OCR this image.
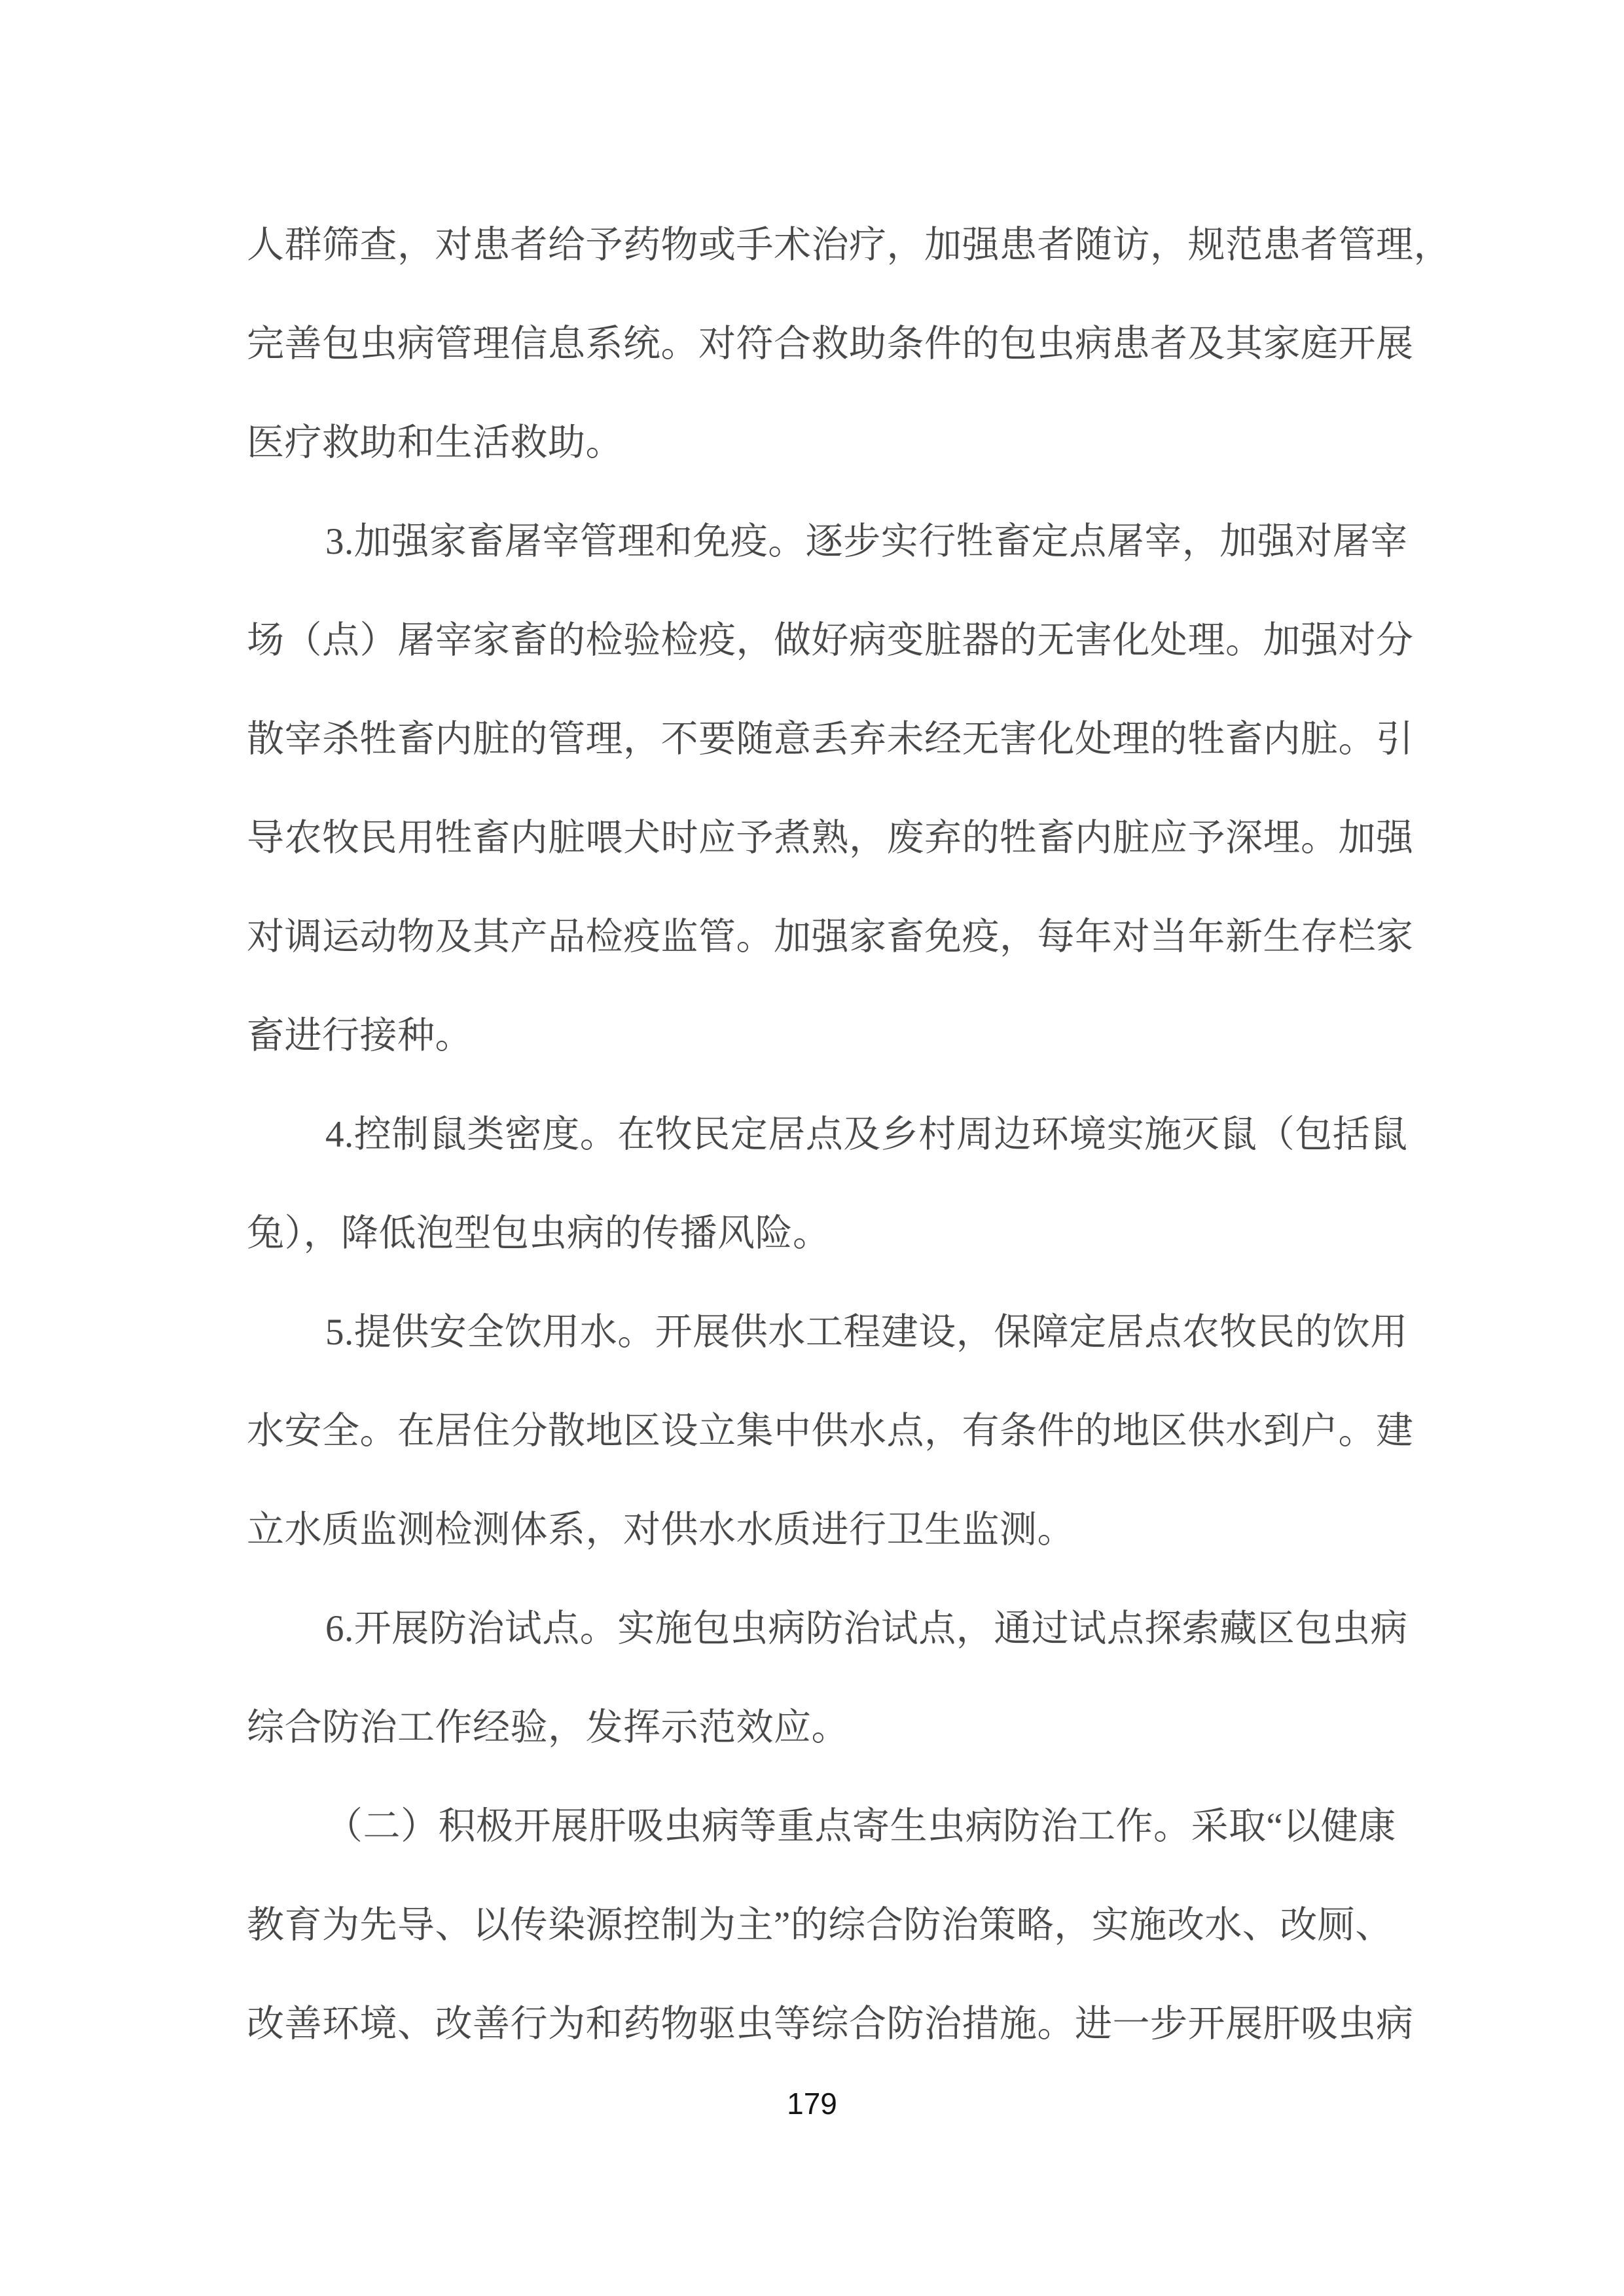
人群筛查，对患者给予药物或手术治疗，加强患者随访，规范患者管理，
完善包虫病管理信息系统。对符合救助条件的包虫病患者及其家庭开展
医疗救助和生活救助。
3.加强家畜屠宰管理和免疫。逐步实行牲畜定点屠宰，加强对屠宰
场（点）屠宰家畜的检验检疫，做好病变脏器的无害化处理。加强对分
散宰杀牲畜内脏的管理，不要随意丢弃未经无害化处理的牲畜内脏。引
导农牧民用牲畜内脏喂犬时应予煮熟，废弃的牲畜内脏应予深埋。加强
对调运动物及其产品检疫监管。加强家畜免疫，每年对当年新生存栏家
畜进行接种。
4.控制鼠类密度。在牧民定居点及乡村周边环境实施灭鼠（包括鼠
兔），降低泡型包虫病的传播风险。
5.提供安全饮用水。开展供水工程建设，保障定居点农牧民的饮用
水安全。在居住分散地区设立集中供水点，有条件的地区供水到户。建
立水质监测检测体系，对供水水质进行卫生监测。
6.开展防治试点。实施包虫病防治试点，通过试点探索藏区包虫病
综合防治工作经验，发挥示范效应。
（二）积极开展肝吸虫病等重点寄生虫病防治工作。采取“以健康
教育为先导、以传染源控制为主”的综合防治策略，实施改水、改厕、
改善环境、改善行为和药物驱虫等综合防治措施。进一步开展肝吸虫病
179
